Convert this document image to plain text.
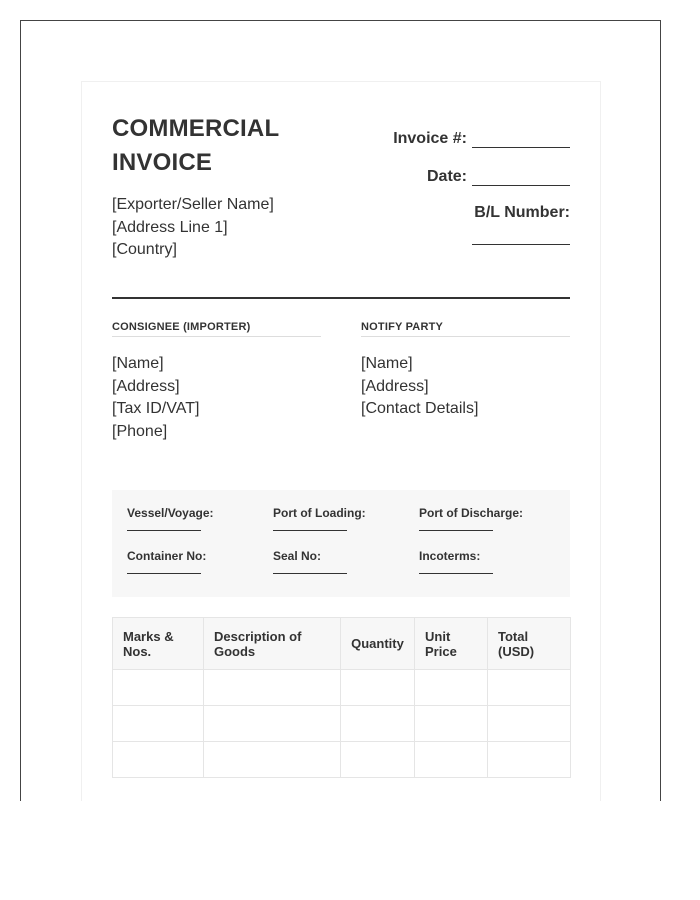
COMMERCIAL
INVOICE
[Exporter/Seller Name]
[Address Line 1]
[Country]
Invoice #:
Date:
B/L Number:
CONSIGNEE (IMPORTER)	NOTIFY PARTY
[Name]
[Address]
[Tax ID/VAT]
[Phone]
[Name]
[Address]
[Contact Details]
Vessel/Voyage:	Port of Loading:	Port of Discharge:
Container No:	Seal No:	Incoterms:
Marks & Nos.	Description of Goods	Quantity	Unit Price	Total (USD)
